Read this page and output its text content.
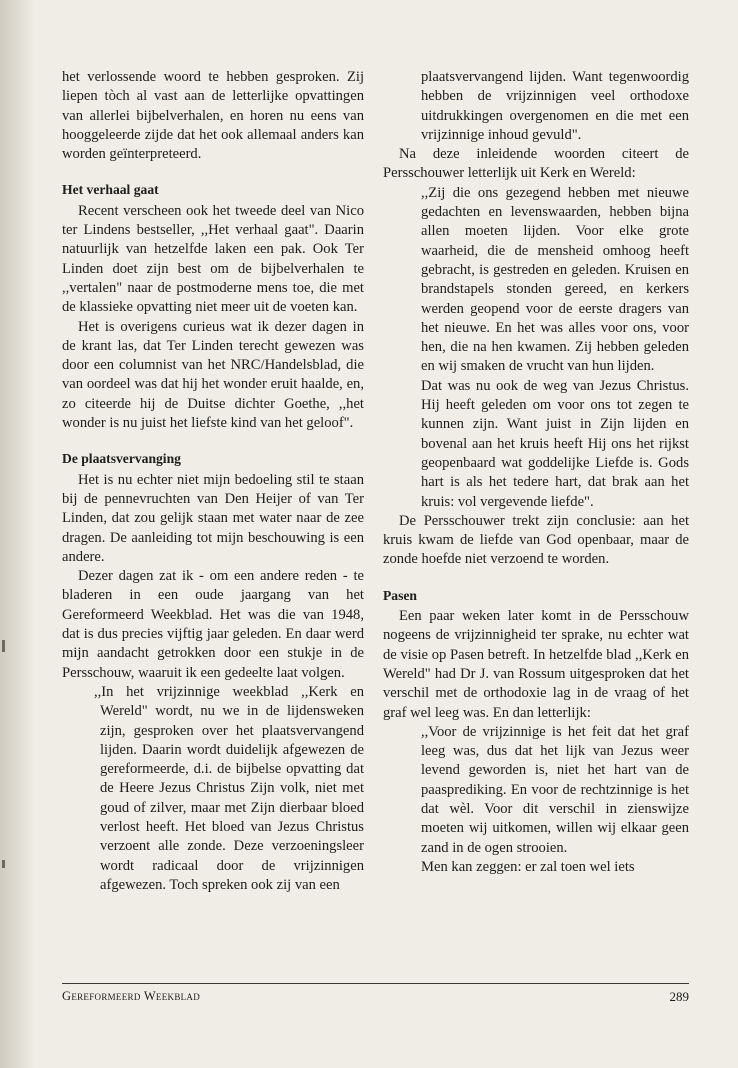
het verlossende woord te hebben gesproken. Zij liepen tòch al vast aan de letterlijke opvattingen van allerlei bijbelverhalen, en horen nu eens van hooggeleerde zijde dat het ook allemaal anders kan worden geïnterpreteerd.

Het verhaal gaat

Recent verscheen ook het tweede deel van Nico ter Lindens bestseller, ,,Het verhaal gaat". Daarin natuurlijk van hetzelfde laken een pak. Ook Ter Linden doet zijn best om de bijbelverhalen te ,,vertalen" naar de postmoderne mens toe, die met de klassieke opvatting niet meer uit de voeten kan.

Het is overigens curieus wat ik dezer dagen in de krant las, dat Ter Linden terecht gewezen was door een columnist van het NRC/Handelsblad, die van oordeel was dat hij het wonder eruit haalde, en, zo citeerde hij de Duitse dichter Goethe, ,,het wonder is nu juist het liefste kind van het geloof".

De plaatsvervanging

Het is nu echter niet mijn bedoeling stil te staan bij de pennevruchten van Den Heijer of van Ter Linden, dat zou gelijk staan met water naar de zee dragen. De aanleiding tot mijn beschouwing is een andere.

Dezer dagen zat ik - om een andere reden - te bladeren in een oude jaargang van het Gereformeerd Weekblad. Het was die van 1948, dat is dus precies vijftig jaar geleden. En daar werd mijn aandacht getrokken door een stukje in de Persschouw, waaruit ik een gedeelte laat volgen.

,,In het vrijzinnige weekblad ,,Kerk en Wereld" wordt, nu we in de lijdensweken zijn, gesproken over het plaatsvervangend lijden. Daarin wordt duidelijk afgewezen de gereformeerde, d.i. de bijbelse opvatting dat de Heere Jezus Christus Zijn volk, niet met goud of zilver, maar met Zijn dierbaar bloed verlost heeft. Het bloed van Jezus Christus verzoent alle zonde. Deze verzoeningsleer wordt radicaal door de vrijzinnigen afgewezen. Toch spreken ook zij van een

plaatsvervangend lijden. Want tegenwoordig hebben de vrijzinnigen veel orthodoxe uitdrukkingen overgenomen en die met een vrijzinnige inhoud gevuld".

Na deze inleidende woorden citeert de Persschouwer letterlijk uit Kerk en Wereld:

,,Zij die ons gezegend hebben met nieuwe gedachten en levenswaarden, hebben bijna allen moeten lijden. Voor elke grote waarheid, die de mensheid omhoog heeft gebracht, is gestreden en geleden. Kruisen en brandstapels stonden gereed, en kerkers werden geopend voor de eerste dragers van het nieuwe. En het was alles voor ons, voor hen, die na hen kwamen. Zij hebben geleden en wij smaken de vrucht van hun lijden.

Dat was nu ook de weg van Jezus Christus. Hij heeft geleden om voor ons tot zegen te kunnen zijn. Want juist in Zijn lijden en bovenal aan het kruis heeft Hij ons het rijkst geopenbaard wat goddelijke Liefde is. Gods hart is als het tedere hart, dat brak aan het kruis: vol vergevende liefde".

De Persschouwer trekt zijn conclusie: aan het kruis kwam de liefde van God openbaar, maar de zonde hoefde niet verzoend te worden.

Pasen

Een paar weken later komt in de Persschouw nogeens de vrijzinnigheid ter sprake, nu echter wat de visie op Pasen betreft. In hetzelfde blad ,,Kerk en Wereld" had Dr J. van Rossum uitgesproken dat het verschil met de orthodoxie lag in de vraag of het graf wel leeg was. En dan letterlijk:

,,Voor de vrijzinnige is het feit dat het graf leeg was, dus dat het lijk van Jezus weer levend geworden is, niet het hart van de paasprediking. En voor de rechtzinnige is het dat wèl. Voor dit verschil in zienswijze moeten wij uitkomen, willen wij elkaar geen zand in de ogen strooien.

Men kan zeggen: er zal toen wel iets

Gereformeerd Weekblad	289
